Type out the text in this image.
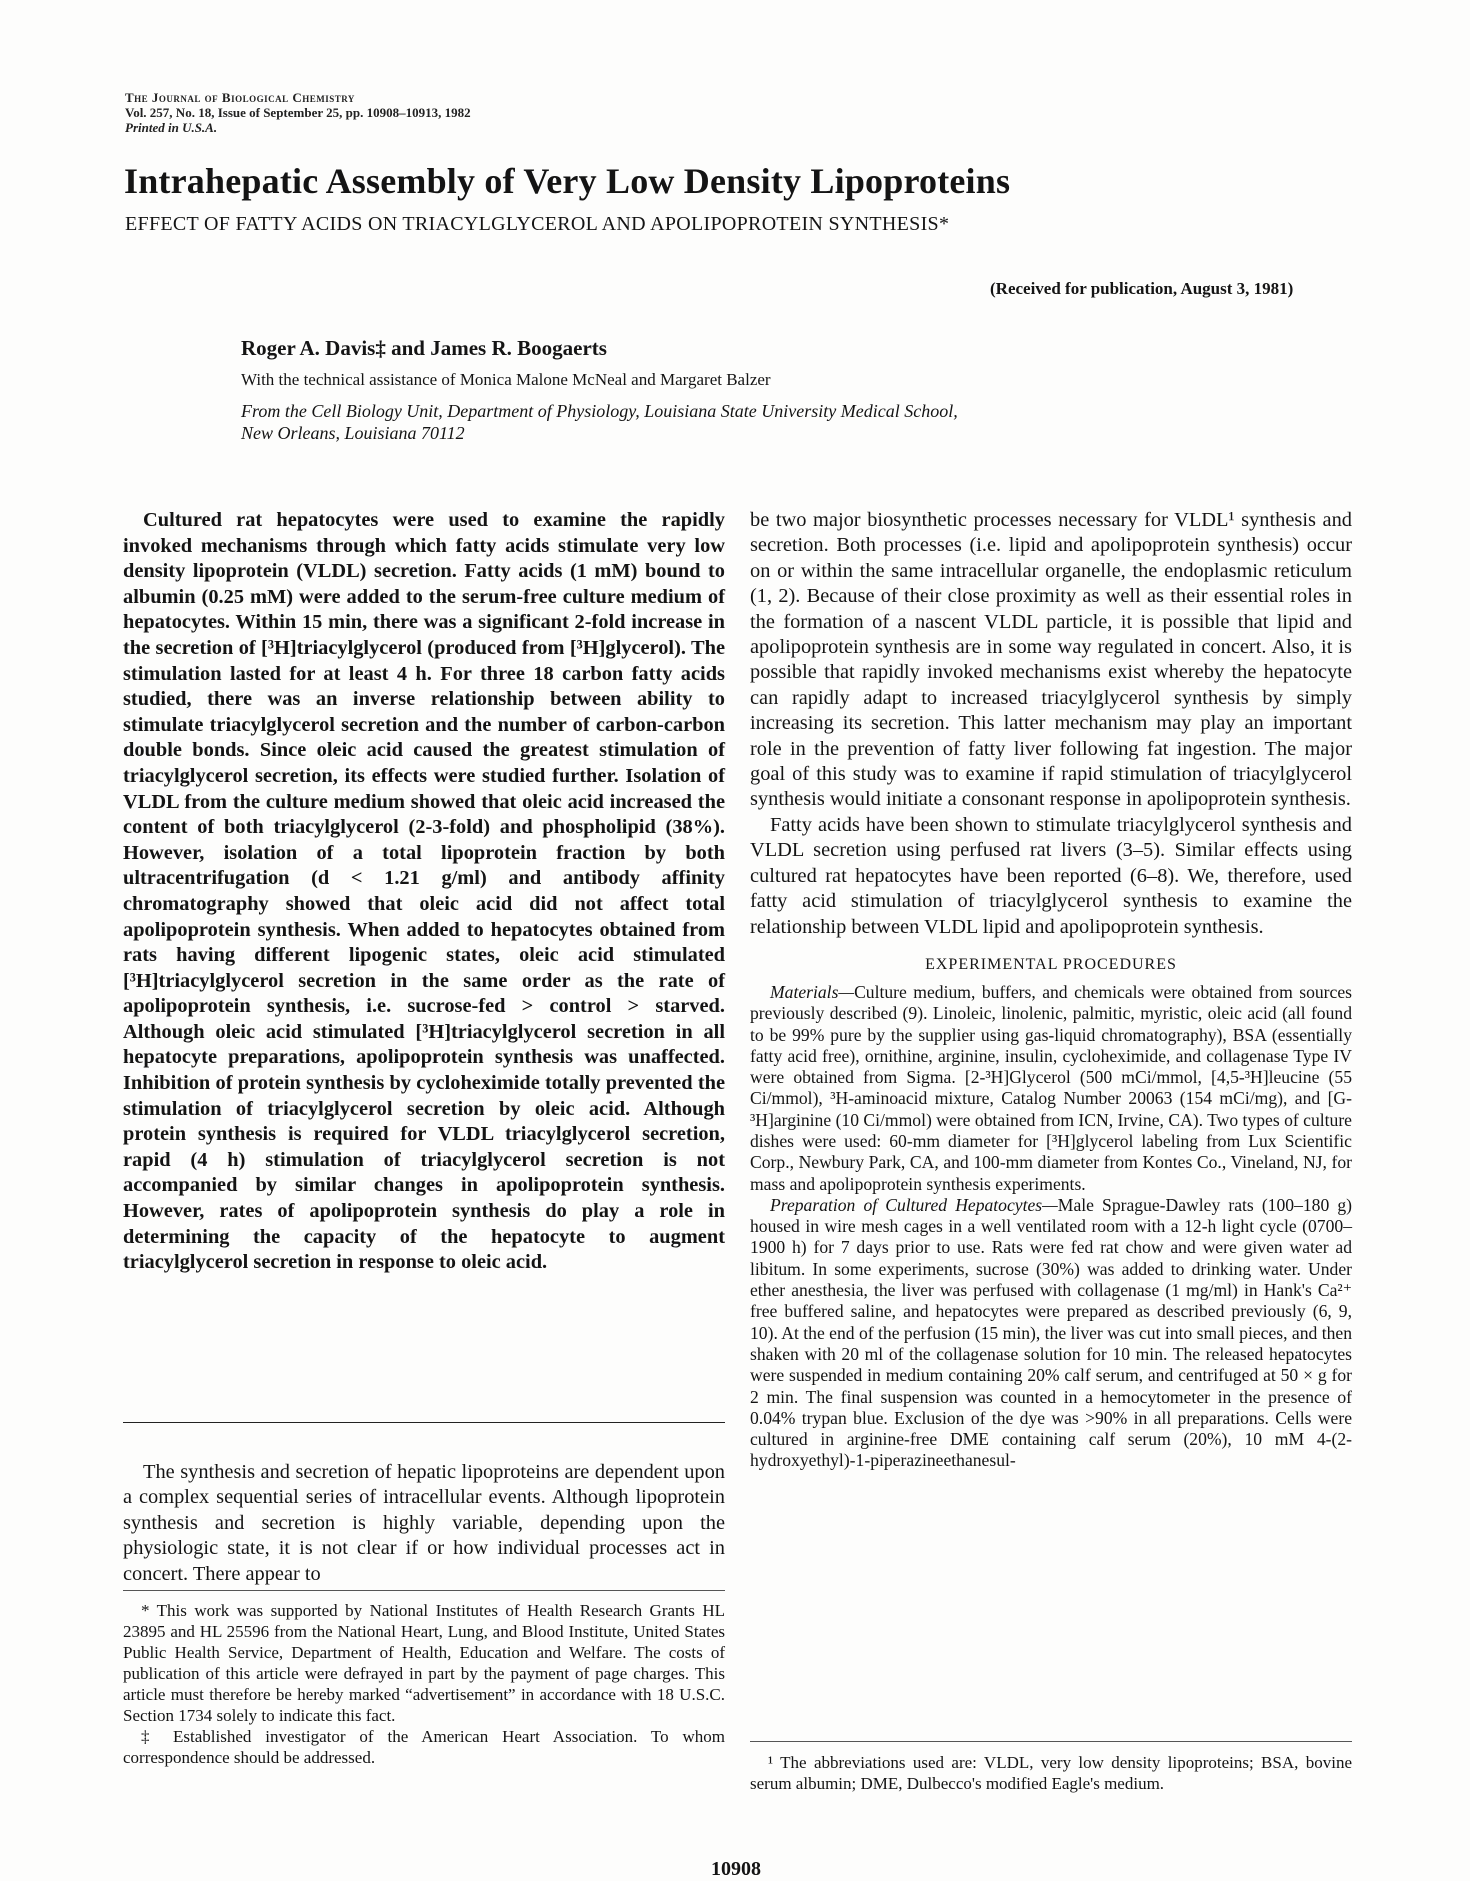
The Journal of Biological Chemistry
Vol. 257, No. 18, Issue of September 25, pp. 10908–10913, 1982
Printed in U.S.A.
Intrahepatic Assembly of Very Low Density Lipoproteins
EFFECT OF FATTY ACIDS ON TRIACYLGLYCEROL AND APOLIPOPROTEIN SYNTHESIS*
(Received for publication, August 3, 1981)
Roger A. Davis‡ and James R. Boogaerts
With the technical assistance of Monica Malone McNeal and Margaret Balzer
From the Cell Biology Unit, Department of Physiology, Louisiana State University Medical School,
New Orleans, Louisiana 70112

Cultured rat hepatocytes were used to examine the rapidly invoked mechanisms through which fatty acids stimulate very low density lipoprotein (VLDL) secretion. Fatty acids (1 mM) bound to albumin (0.25 mM) were added to the serum-free culture medium of hepatocytes. Within 15 min, there was a significant 2-fold increase in the secretion of [³H]triacylglycerol (produced from [³H]glycerol). The stimulation lasted for at least 4 h. For three 18 carbon fatty acids studied, there was an inverse relationship between ability to stimulate triacylglycerol secretion and the number of carbon-carbon double bonds. Since oleic acid caused the greatest stimulation of triacylglycerol secretion, its effects were studied further. Isolation of VLDL from the culture medium showed that oleic acid increased the content of both triacylglycerol (2-3-fold) and phospholipid (38%). However, isolation of a total lipoprotein fraction by both ultracentrifugation (d < 1.21 g/ml) and antibody affinity chromatography showed that oleic acid did not affect total apolipoprotein synthesis. When added to hepatocytes obtained from rats having different lipogenic states, oleic acid stimulated [³H]triacylglycerol secretion in the same order as the rate of apolipoprotein synthesis, i.e. sucrose-fed > control > starved. Although oleic acid stimulated [³H]triacylglycerol secretion in all hepatocyte preparations, apolipoprotein synthesis was unaffected. Inhibition of protein synthesis by cycloheximide totally prevented the stimulation of triacylglycerol secretion by oleic acid. Although protein synthesis is required for VLDL triacylglycerol secretion, rapid (4 h) stimulation of triacylglycerol secretion is not accompanied by similar changes in apolipoprotein synthesis. However, rates of apolipoprotein synthesis do play a role in determining the capacity of the hepatocyte to augment triacylglycerol secretion in response to oleic acid.

The synthesis and secretion of hepatic lipoproteins are dependent upon a complex sequential series of intracellular events. Although lipoprotein synthesis and secretion is highly variable, depending upon the physiologic state, it is not clear if or how individual processes act in concert. There appear to

* This work was supported by National Institutes of Health Research Grants HL 23895 and HL 25596 from the National Heart, Lung, and Blood Institute, United States Public Health Service, Department of Health, Education and Welfare. The costs of publication of this article were defrayed in part by the payment of page charges. This article must therefore be hereby marked “advertisement” in accordance with 18 U.S.C. Section 1734 solely to indicate this fact.

‡ Established investigator of the American Heart Association. To whom correspondence should be addressed.

be two major biosynthetic processes necessary for VLDL¹ synthesis and secretion. Both processes (i.e. lipid and apolipoprotein synthesis) occur on or within the same intracellular organelle, the endoplasmic reticulum (1, 2). Because of their close proximity as well as their essential roles in the formation of a nascent VLDL particle, it is possible that lipid and apolipoprotein synthesis are in some way regulated in concert. Also, it is possible that rapidly invoked mechanisms exist whereby the hepatocyte can rapidly adapt to increased triacylglycerol synthesis by simply increasing its secretion. This latter mechanism may play an important role in the prevention of fatty liver following fat ingestion. The major goal of this study was to examine if rapid stimulation of triacylglycerol synthesis would initiate a consonant response in apolipoprotein synthesis.

Fatty acids have been shown to stimulate triacylglycerol synthesis and VLDL secretion using perfused rat livers (3–5). Similar effects using cultured rat hepatocytes have been reported (6–8). We, therefore, used fatty acid stimulation of triacylglycerol synthesis to examine the relationship between VLDL lipid and apolipoprotein synthesis.

EXPERIMENTAL PROCEDURES

Materials—Culture medium, buffers, and chemicals were obtained from sources previously described (9). Linoleic, linolenic, palmitic, myristic, oleic acid (all found to be 99% pure by the supplier using gas-liquid chromatography), BSA (essentially fatty acid free), ornithine, arginine, insulin, cycloheximide, and collagenase Type IV were obtained from Sigma. [2-³H]Glycerol (500 mCi/mmol, [4,5-³H]leucine (55 Ci/mmol), ³H-aminoacid mixture, Catalog Number 20063 (154 mCi/mg), and [G-³H]arginine (10 Ci/mmol) were obtained from ICN, Irvine, CA). Two types of culture dishes were used: 60-mm diameter for [³H]glycerol labeling from Lux Scientific Corp., Newbury Park, CA, and 100-mm diameter from Kontes Co., Vineland, NJ, for mass and apolipoprotein synthesis experiments.

Preparation of Cultured Hepatocytes—Male Sprague-Dawley rats (100–180 g) housed in wire mesh cages in a well ventilated room with a 12-h light cycle (0700–1900 h) for 7 days prior to use. Rats were fed rat chow and were given water ad libitum. In some experiments, sucrose (30%) was added to drinking water. Under ether anesthesia, the liver was perfused with collagenase (1 mg/ml) in Hank's Ca²⁺ free buffered saline, and hepatocytes were prepared as described previously (6, 9, 10). At the end of the perfusion (15 min), the liver was cut into small pieces, and then shaken with 20 ml of the collagenase solution for 10 min. The released hepatocytes were suspended in medium containing 20% calf serum, and centrifuged at 50 × g for 2 min. The final suspension was counted in a hemocytometer in the presence of 0.04% trypan blue. Exclusion of the dye was >90% in all preparations. Cells were cultured in arginine-free DME containing calf serum (20%), 10 mM 4-(2-hydroxyethyl)-1-piperazineethanesul-

¹ The abbreviations used are: VLDL, very low density lipoproteins; BSA, bovine serum albumin; DME, Dulbecco's modified Eagle's medium.

10908
